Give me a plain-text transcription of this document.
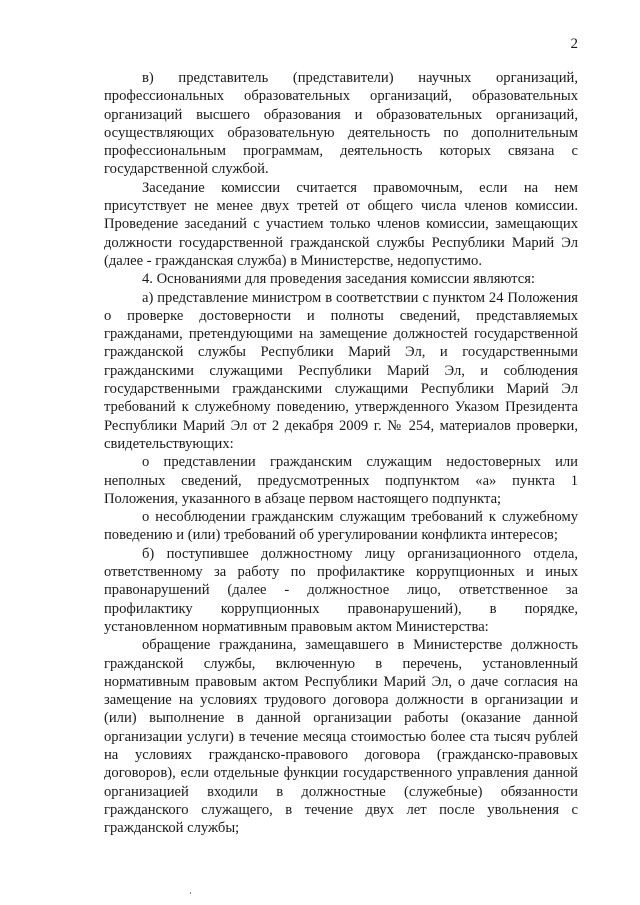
2

в) представитель (представители) научных организаций, профессиональных образовательных организаций, образовательных организаций высшего образования и образовательных организаций, осуществляющих образовательную деятельность по дополнительным профессиональным программам, деятельность которых связана с государственной службой.

Заседание комиссии считается правомочным, если на нем присутствует не менее двух третей от общего числа членов комиссии. Проведение заседаний с участием только членов комиссии, замещающих должности государственной гражданской службы Республики Марий Эл (далее - гражданская служба) в Министерстве, недопустимо.

4. Основаниями для проведения заседания комиссии являются:

а) представление министром в соответствии с пунктом 24 Положения о проверке достоверности и полноты сведений, представляемых гражданами, претендующими на замещение должностей государственной гражданской службы Республики Марий Эл, и государственными гражданскими служащими Республики Марий Эл, и соблюдения государственными гражданскими служащими Республики Марий Эл требований к служебному поведению, утвержденного Указом Президента Республики Марий Эл от 2 декабря 2009 г. № 254, материалов проверки, свидетельствующих:

о представлении гражданским служащим недостоверных или неполных сведений, предусмотренных подпунктом «а» пункта 1 Положения, указанного в абзаце первом настоящего подпункта;

о несоблюдении гражданским служащим требований к служебному поведению и (или) требований об урегулировании конфликта интересов;

б) поступившее должностному лицу организационного отдела, ответственному за работу по профилактике коррупционных и иных правонарушений (далее - должностное лицо, ответственное за профилактику коррупционных правонарушений), в порядке, установленном нормативным правовым актом Министерства:

обращение гражданина, замещавшего в Министерстве должность гражданской службы, включенную в перечень, установленный нормативным правовым актом Республики Марий Эл, о даче согласия на замещение на условиях трудового договора должности в организации и (или) выполнение в данной организации работы (оказание данной организации услуги) в течение месяца стоимостью более ста тысяч рублей на условиях гражданско-правового договора (гражданско-правовых договоров), если отдельные функции государственного управления данной организацией входили в должностные (служебные) обязанности гражданского служащего, в течение двух лет после увольнения с гражданской службы;
